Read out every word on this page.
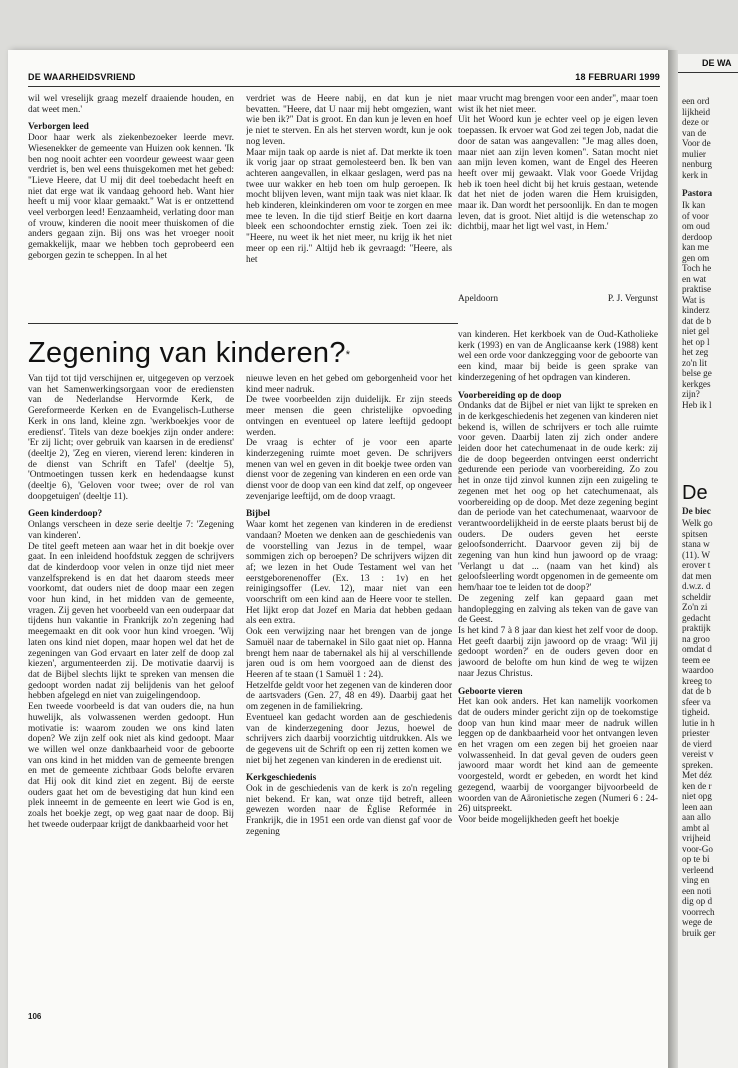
DE WA
een ord
lijkheid
deze or
van de
Voor de
mulier
nenburg
kerk in
Pastora
Ik kan
of voor
om oud
derdoop
kan me
gen om
Toch he
en wat
praktise
Wat is
kinderz
dat de b
niet gel
het op l
het zeg
zo'n lit
belse ge
kerkges
zijn?
Heb ik l
De
De biec
Welk go
spitsen
stana w
(11). W
erover t
dat men
d.w.z. d
scheldir
Zo'n zi
gedacht
praktijk
na groo
omdat d
teem ee
waardoo
kreeg to
dat de b
sfeer va
tigheid.
lutie in h
priester
de vierd
vereist v
spreken.
Met déz
ken de r
niet opg
leen aan
aan allo
ambt al
vrijheid
voor-Go
op te bi
verleend
ving en
een noti
dig op d
voorrech
wege de
bruik ger
DE WAARHEIDSVRIEND	18 FEBRUARI 1999

wil wel vreselijk graag mezelf draaiende houden, en dat weet men.'

Verborgen leed

Door haar werk als ziekenbezoeker leerde mevr. Wiesenekker de gemeente van Huizen ook kennen. 'Ik ben nog nooit achter een voordeur geweest waar geen verdriet is, ben wel eens thuisgekomen met het gebed: "Lieve Heere, dat U mij dit deel toebedacht heeft en niet dat erge wat ik vandaag gehoord heb. Want hier heeft u mij voor klaar gemaakt." Wat is er ontzettend veel verborgen leed! Eenzaamheid, verlating door man of vrouw, kinderen die nooit meer thuiskomen of die anders gegaan zijn. Bij ons was het vroeger nooit gemakkelijk, maar we hebben toch geprobeerd een geborgen gezin te scheppen. In al het

verdriet was de Heere nabij, en dat kun je niet bevatten. "Heere, dat U naar mij hebt omgezien, want wie ben ik?" Dat is groot. En dan kun je leven en hoef je niet te sterven. En als het sterven wordt, kun je ook nog leven.

Maar mijn taak op aarde is niet af. Dat merkte ik toen ik vorig jaar op straat gemolesteerd ben. Ik ben van achteren aangevallen, in elkaar geslagen, werd pas na twee uur wakker en heb toen om hulp geroepen. Ik mocht blijven leven, want mijn taak was niet klaar. Ik heb kinderen, kleinkinderen om voor te zorgen en mee mee te leven. In die tijd stierf Beitje en kort daarna bleek een schoondochter ernstig ziek. Toen zei ik: "Heere, nu weet ik het niet meer, nu krijg ik het niet meer op een rij." Altijd heb ik gevraagd: "Heere, als het

maar vrucht mag brengen voor een ander", maar toen wist ik het niet meer.

Uit het Woord kun je echter veel op je eigen leven toepassen. Ik ervoer wat God zei tegen Job, nadat die door de satan was aangevallen: "Je mag alles doen, maar niet aan zijn leven komen". Satan mocht niet aan mijn leven komen, want de Engel des Heeren heeft over mij gewaakt. Vlak voor Goede Vrijdag heb ik toen heel dicht bij het kruis gestaan, wetende dat het niet de joden waren die Hem kruisigden, maar ik. Dan wordt het persoonlijk. En dan te mogen leven, dat is groot. Niet altijd is die wetenschap zo dichtbij, maar het ligt wel vast, in Hem.'

Apeldoorn	P. J. Vergunst
Zegening van kinderen?*

Van tijd tot tijd verschijnen er, uitgegeven op verzoek van het Samenwerkingsorgaan voor de erediensten van de Nederlandse Hervormde Kerk, de Gereformeerde Kerken en de Evangelisch-Lutherse Kerk in ons land, kleine zgn. 'werkboekjes voor de eredienst'. Titels van deze boekjes zijn onder andere: 'Er zij licht; over gebruik van kaarsen in de eredienst' (deeltje 2), 'Zeg en vieren, vierend leren: kinderen in de dienst van Schrift en Tafel' (deeltje 5), 'Ontmoetingen tussen kerk en hedendaagse kunst (deeltje 6), 'Geloven voor twee; over de rol van doopgetuigen' (deeltje 11).

Geen kinderdoop?

Onlangs verscheen in deze serie deeltje 7: 'Zegening van kinderen'.

De titel geeft meteen aan waar het in dit boekje over gaat. In een inleidend hoofdstuk zeggen de schrijvers dat de kinderdoop voor velen in onze tijd niet meer vanzelfsprekend is en dat het daarom steeds meer voorkomt, dat ouders niet de doop maar een zegen voor hun kind, in het midden van de gemeente, vragen. Zij geven het voorbeeld van een ouderpaar dat tijdens hun vakantie in Frankrijk zo'n zegening had meegemaakt en dit ook voor hun kind vroegen. 'Wij laten ons kind niet dopen, maar hopen wel dat het de zegeningen van God ervaart en later zelf de doop zal kiezen', argumenteerden zij. De motivatie daarvij is dat de Bijbel slechts lijkt te spreken van mensen die gedoopt worden nadat zij belijdenis van het geloof hebben afgelegd en niet van zuigelingendoop.

Een tweede voorbeeld is dat van ouders die, na hun huwelijk, als volwassenen werden gedoopt. Hun motivatie is: waarom zouden we ons kind laten dopen? We zijn zelf ook niet als kind gedoopt. Maar we willen wel onze dankbaarheid voor de geboorte van ons kind in het midden van de gemeente brengen en met de gemeente zichtbaar Gods belofte ervaren dat Hij ook dit kind ziet en zegent. Bij de eerste ouders gaat het om de bevestiging dat hun kind een plek inneemt in de gemeente en leert wie God is en, zoals het boekje zegt, op weg gaat naar de doop. Bij het tweede ouderpaar krijgt de dankbaarheid voor het

nieuwe leven en het gebed om geborgenheid voor het kind meer nadruk.

De twee voorbeelden zijn duidelijk. Er zijn steeds meer mensen die geen christelijke opvoeding ontvingen en eventueel op latere leeftijd gedoopt werden.

De vraag is echter of je voor een aparte kinderzegening ruimte moet geven. De schrijvers menen van wel en geven in dit boekje twee orden van dienst voor de zegening van kinderen en een orde van dienst voor de doop van een kind dat zelf, op ongeveer zevenjarige leeftijd, om de doop vraagt.

Bijbel

Waar komt het zegenen van kinderen in de eredienst vandaan? Moeten we denken aan de geschiedenis van de voorstelling van Jezus in de tempel, waar sommigen zich op beroepen? De schrijvers wijzen dit af; we lezen in het Oude Testament wel van het eerstgeborenenoffer (Ex. 13 : 1v) en het reinigingsoffer (Lev. 12), maar niet van een voorschrift om een kind aan de Heere voor te stellen. Het lijkt erop dat Jozef en Maria dat hebben gedaan als een extra.

Ook een verwijzing naar het brengen van de jonge Samuël naar de tabernakel in Silo gaat niet op. Hanna brengt hem naar de tabernakel als hij al verschillende jaren oud is om hem voorgoed aan de dienst des Heeren af te staan (1 Samuël 1 : 24).

Hetzelfde geldt voor het zegenen van de kinderen door de aartsvaders (Gen. 27, 48 en 49). Daarbij gaat het om zegenen in de familiekring.

Eventueel kan gedacht worden aan de geschiedenis van de kinderzegening door Jezus, hoewel de schrijvers zich daarbij voorzichtig uitdrukken. Als we de gegevens uit de Schrift op een rij zetten komen we niet bij het zegenen van kinderen in de eredienst uit.

Kerkgeschiedenis

Ook in de geschiedenis van de kerk is zo'n regeling niet bekend. Er kan, wat onze tijd betreft, alleen gewezen worden naar de Église Reformée in Frankrijk, die in 1951 een orde van dienst gaf voor de zegening

van kinderen. Het kerkboek van de Oud-Katholieke kerk (1993) en van de Anglicaanse kerk (1988) kent wel een orde voor dankzegging voor de geboorte van een kind, maar bij beide is geen sprake van kinderzegening of het opdragen van kinderen.

Voorbereiding op de doop

Ondanks dat de Bijbel er niet van lijkt te spreken en in de kerkgeschiedenis het zegenen van kinderen niet bekend is, willen de schrijvers er toch alle ruimte voor geven. Daarbij laten zij zich onder andere leiden door het catechumenaat in de oude kerk: zij die de doop begeerden ontvingen eerst onderricht gedurende een periode van voorbereiding. Zo zou het in onze tijd zinvol kunnen zijn een zuigeling te zegenen met het oog op het catechumenaat, als voorbereiding op de doop. Met deze zegening begint dan de periode van het catechumenaat, waarvoor de verantwoordelijkheid in de eerste plaats berust bij de ouders. De ouders geven het eerste geloofsonderricht. Daarvoor geven zij bij de zegening van hun kind hun jawoord op de vraag: 'Verlangt u dat ... (naam van het kind) als geloofsleerling wordt opgenomen in de gemeente om hem/haar toe te leiden tot de doop?'

De zegening zelf kan gepaard gaan met handoplegging en zalving als teken van de gave van de Geest.

Is het kind 7 à 8 jaar dan kiest het zelf voor de doop. Het geeft daarbij zijn jawoord op de vraag: 'Wil jij gedoopt worden?' en de ouders geven door en jawoord de belofte om hun kind de weg te wijzen naar Jezus Christus.

Geboorte vieren

Het kan ook anders. Het kan namelijk voorkomen dat de ouders minder gericht zijn op de toekomstige doop van hun kind maar meer de nadruk willen leggen op de dankbaarheid voor het ontvangen leven en het vragen om een zegen bij het groeien naar volwassenheid. In dat geval geven de ouders geen jawoord maar wordt het kind aan de gemeente voorgesteld, wordt er gebeden, en wordt het kind gezegend, waarbij de voorganger bijvoorbeeld de woorden van de Aäronietische zegen (Numeri 6 : 24-26) uitspreekt.

Voor beide mogelijkheden geeft het boekje

106
